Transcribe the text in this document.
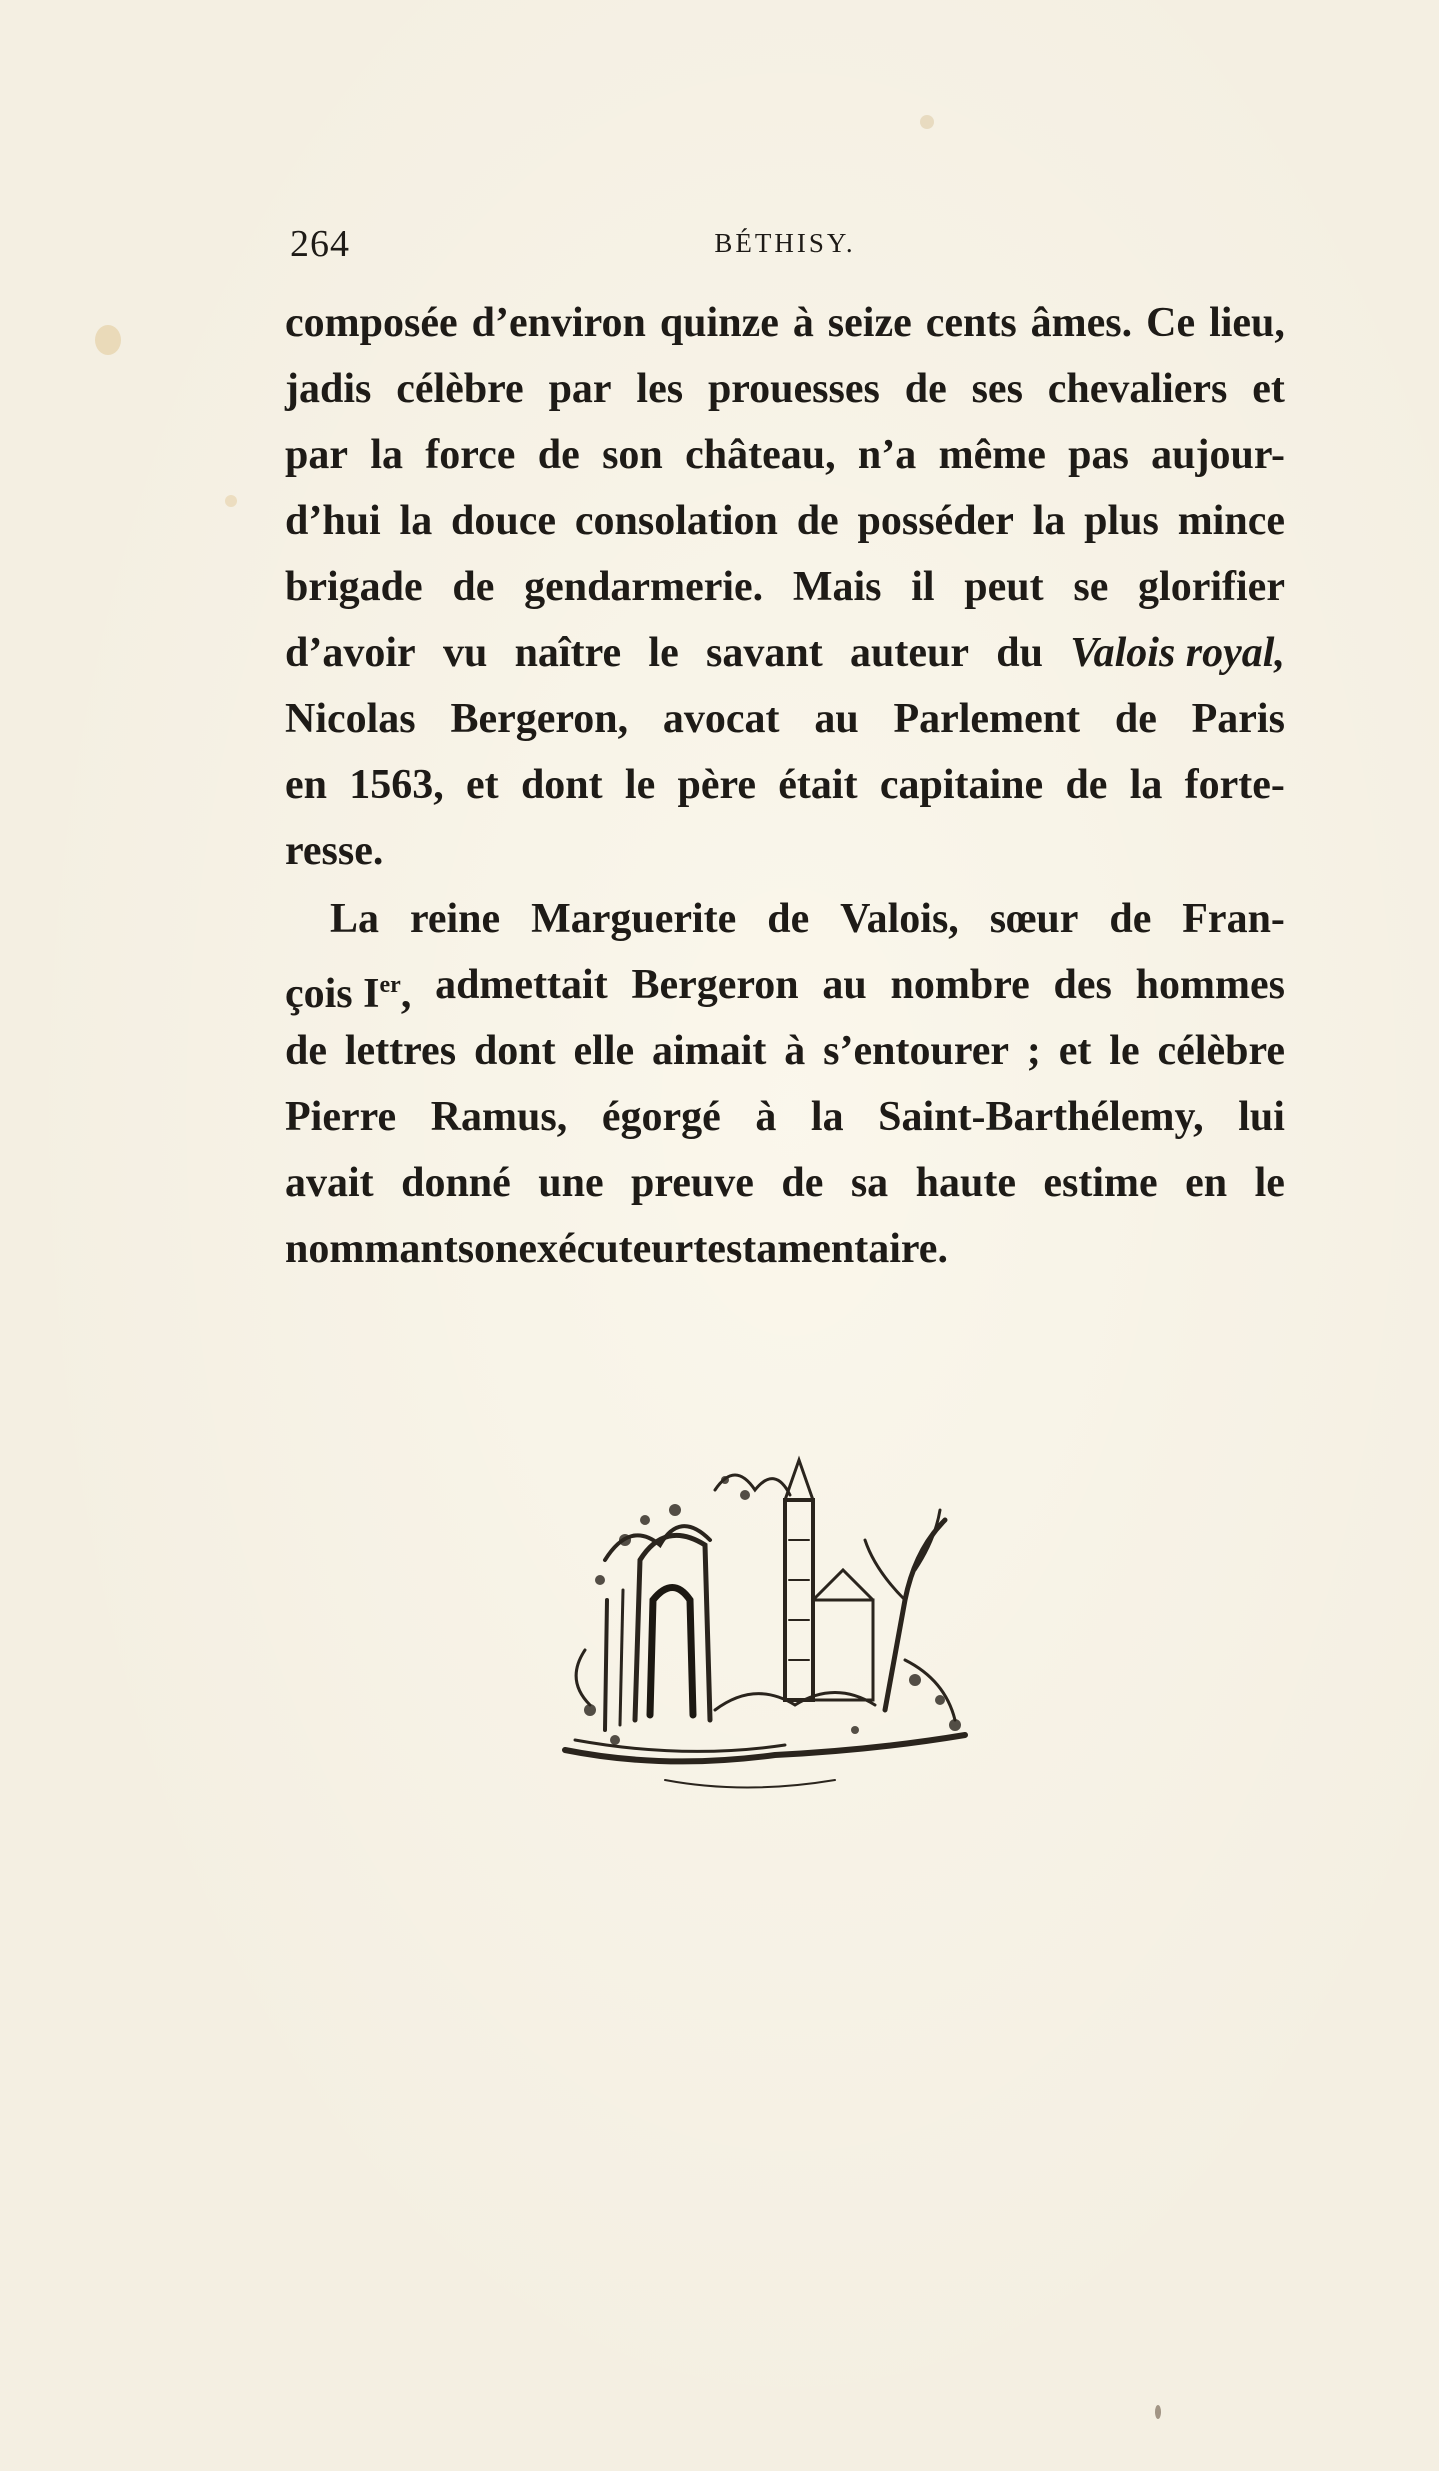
264	BÉTHISY.
composée d’environ quinze à seize cents âmes. Ce lieu,
jadis célèbre par les prouesses de ses chevaliers et
par la force de son château, n’a même pas aujour-
d’hui la douce consolation de posséder la plus mince
brigade de gendarmerie. Mais il peut se glorifier
d’avoir vu naître le savant auteur du Valois royal,
Nicolas Bergeron, avocat au Parlement de Paris
en 1563, et dont le père était capitaine de la forte-
resse.
La reine Marguerite de Valois, sœur de Fran-
çois Ier, admettait Bergeron au nombre des hommes
de lettres dont elle aimait à s’entourer ; et le célèbre
Pierre Ramus, égorgé à la Saint-Barthélemy, lui
avait donné une preuve de sa haute estime en le
nommant son exécuteur testamentaire.
